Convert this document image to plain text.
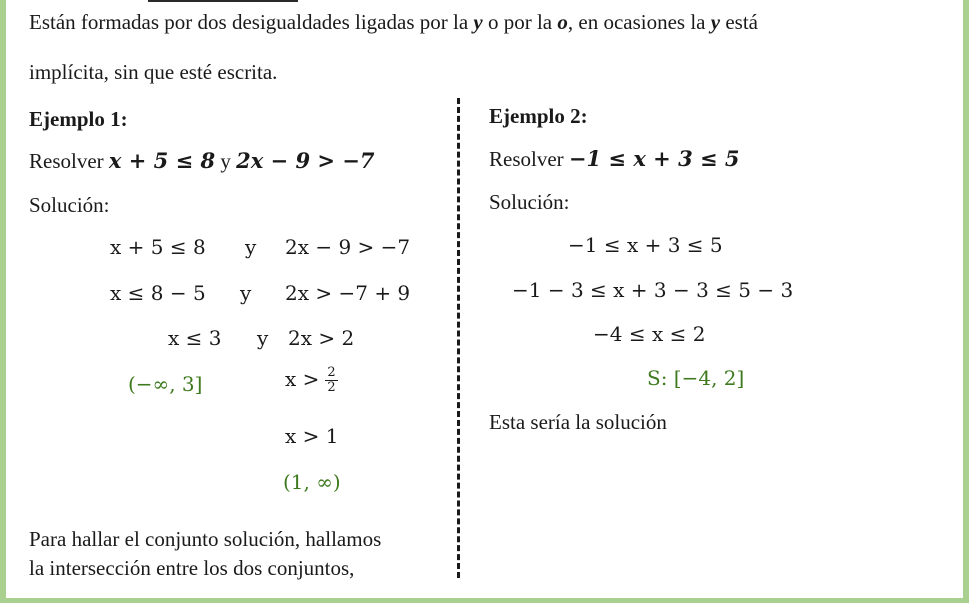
Están formadas por dos desigualdades ligadas por la y o por la o, en ocasiones la y está
implícita, sin que esté escrita.
Ejemplo 1:
Resolver x + 5 ≤ 8 y 2x − 9 > −7
Solución:
x + 5 ≤ 8 y 2x − 9 > −7
x ≤ 8 − 5 y 2x > −7 + 9
x ≤ 3 y 2x > 2
(−∞, 3]	$x > \frac{2}{2}$
x > 1
(1, ∞)
Para hallar el conjunto solución, hallamos
la intersección entre los dos conjuntos,
Ejemplo 2:
Resolver −1 ≤ x + 3 ≤ 5
Solución:
−1 ≤ x + 3 ≤ 5
−1 − 3 ≤ x + 3 − 3 ≤ 5 − 3
−4 ≤ x ≤ 2
S: [−4, 2]
Esta sería la solución
